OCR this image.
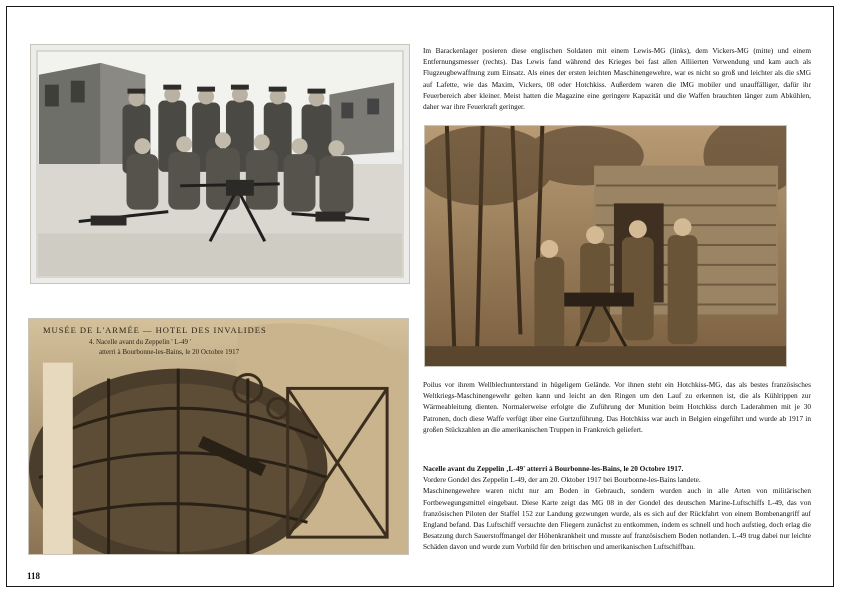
Im Barackenlager posieren diese englischen Soldaten mit einem Lewis-MG (links), dem Vickers-MG (mitte) und einem Entfernungsmesser (rechts). Das Lewis fand während des Krieges bei fast allen Alliierten Verwendung und kam auch als Flugzeugbewaffnung zum Einsatz. Als eines der ersten leichten Maschinengewehre, war es nicht so groß und leichter als die sMG auf Lafette, wie das Maxim, Vickers, 08 oder Hotchkiss. Außerdem waren die lMG mobiler und unauffälliger, dafür ihr Feuerbereich aber kleiner. Meist hatten die Magazine eine geringere Kapazität und die Waffen brauchten länger zum Abkühlen, daher war ihre Feuerkraft geringer.

MUSÉE DE L'ARMÉE — HOTEL DES INVALIDES
4. Nacelle avant du Zeppelin ' L-49 '
atterri à Bourbonne-les-Bains, le 20 Octobre 1917

Poilus vor ihrem Wellblechunterstand in hügeligem Gelände. Vor ihnen steht ein Hotchkiss-MG, das als bestes französisches Weltkriegs-Maschinengewehr gelten kann und leicht an den Ringen um den Lauf zu erkennen ist, die als Kühlrippen zur Wärmeableitung dienten. Normalerweise erfolgte die Zuführung der Munition beim Hotchkiss durch Laderahmen mit je 30 Patronen, doch diese Waffe verfügt über eine Gurtzuführung. Das Hotchkiss war auch in Belgien eingeführt und wurde ab 1917 in großen Stückzahlen an die amerikanischen Truppen in Frankreich geliefert.

Nacelle avant du Zeppelin ‚L-49' atterri à Bourbonne-les-Bains, le 20 Octobre 1917.

Vordere Gondel des Zeppelin L-49, der am 20. Oktober 1917 bei Bourbonne-les-Bains landete.

Maschinengewehre waren nicht nur am Boden in Gebrauch, sondern wurden auch in alle Arten von militärischen Fortbewegungsmittel eingebaut. Diese Karte zeigt das MG 08 in der Gondel des deutschen Marine-Luftschiffs L-49, das von französischen Piloten der Staffel 152 zur Landung gezwungen wurde, als es sich auf der Rückfahrt von einem Bombenangriff auf England befand. Das Luftschiff versuchte den Fliegern zunächst zu entkommen, indem es schnell und hoch aufstieg, doch erlag die Besatzung durch Sauerstoffmangel der Höhenkrankheit und musste auf französischem Boden notlanden. L-49 trug dabei nur leichte Schäden davon und wurde zum Vorbild für den britischen und amerikanischen Luftschiffbau.

118
